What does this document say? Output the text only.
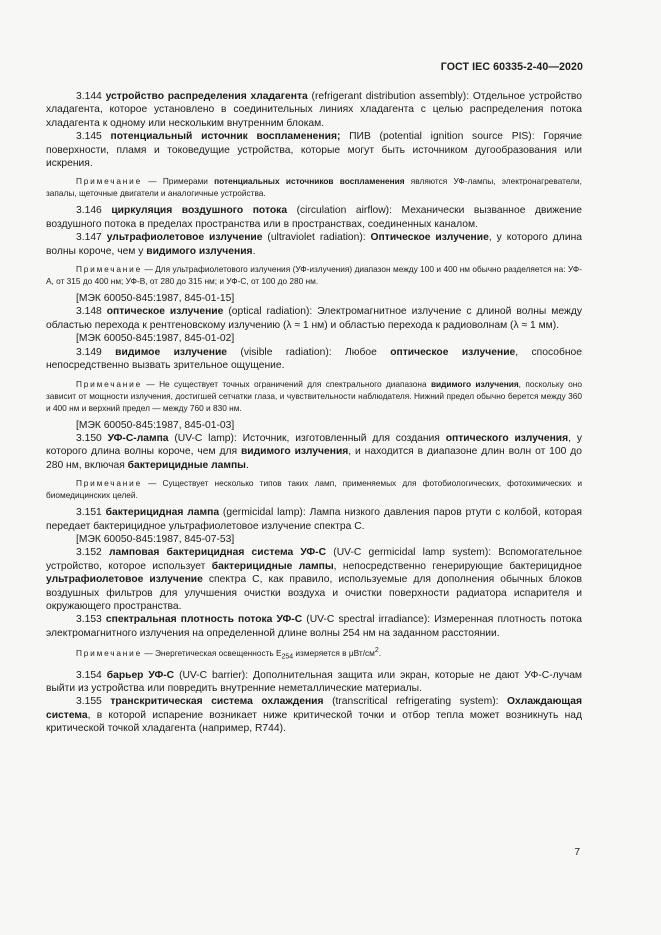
ГОСТ IEC 60335-2-40—2020

3.144 устройство распределения хладагента (refrigerant distribution assembly): Отдельное устройство хладагента, которое установлено в соединительных линиях хладагента с целью распределения потока хладагента к одному или нескольким внутренним блокам.

3.145 потенциальный источник воспламенения; ПИВ (potential ignition source PIS): Горячие поверхности, пламя и токоведущие устройства, которые могут быть источником дугообразования или искрения.

Примечание — Примерами потенциальных источников воспламенения являются УФ-лампы, электронагреватели, запалы, щеточные двигатели и аналогичные устройства.

3.146 циркуляция воздушного потока (circulation airflow): Механически вызванное движение воздушного потока в пределах пространства или в пространствах, соединенных каналом.

3.147 ультрафиолетовое излучение (ultraviolet radiation): Оптическое излучение, у которого длина волны короче, чем у видимого излучения.

Примечание — Для ультрафиолетового излучения (УФ-излучения) диапазон между 100 и 400 нм обычно разделяется на: УФ-A, от 315 до 400 нм; УФ-B, от 280 до 315 нм; и УФ-C, от 100 до 280 нм.

[МЭК 60050-845:1987, 845-01-15]

3.148 оптическое излучение (optical radiation): Электромагнитное излучение с длиной волны между областью перехода к рентгеновскому излучению (λ ≈ 1 нм) и областью перехода к радиоволнам (λ ≈ 1 мм).

[МЭК 60050-845:1987, 845-01-02]

3.149 видимое излучение (visible radiation): Любое оптическое излучение, способное непосредственно вызвать зрительное ощущение.

Примечание — Не существует точных ограничений для спектрального диапазона видимого излучения, поскольку оно зависит от мощности излучения, достигшей сетчатки глаза, и чувствительности наблюдателя. Нижний предел обычно берется между 360 и 400 нм и верхний предел — между 760 и 830 нм.

[МЭК 60050-845:1987, 845-01-03]

3.150 УФ-С-лампа (UV-C lamp): Источник, изготовленный для создания оптического излучения, у которого длина волны короче, чем для видимого излучения, и находится в диапазоне длин волн от 100 до 280 нм, включая бактерицидные лампы.

Примечание — Существует несколько типов таких ламп, применяемых для фотобиологических, фотохимических и биомедицинских целей.

3.151 бактерицидная лампа (germicidal lamp): Лампа низкого давления паров ртути с колбой, которая передает бактерицидное ультрафиолетовое излучение спектра С.

[МЭК 60050-845:1987, 845-07-53]

3.152 ламповая бактерицидная система УФ-С (UV-C germicidal lamp system): Вспомогательное устройство, которое использует бактерицидные лампы, непосредственно генерирующие бактерицидное ультрафиолетовое излучение спектра С, как правило, используемые для дополнения обычных блоков воздушных фильтров для улучшения очистки воздуха и очистки поверхности радиатора испарителя и окружающего пространства.

3.153 спектральная плотность потока УФ-С (UV-C spectral irradiance): Измеренная плотность потока электромагнитного излучения на определенной длине волны 254 нм на заданном расстоянии.

Примечание — Энергетическая освещенность $E_{254}$ измеряется в μВт/$см^2$.

3.154 барьер УФ-С (UV-C barrier): Дополнительная защита или экран, которые не дают УФ-С-лучам выйти из устройства или повредить внутренние неметаллические материалы.

3.155 транскритическая система охлаждения (transcritical refrigerating system): Охлаждающая система, в которой испарение возникает ниже критической точки и отбор тепла может возникнуть над критической точкой хладагента (например, R744).

7
